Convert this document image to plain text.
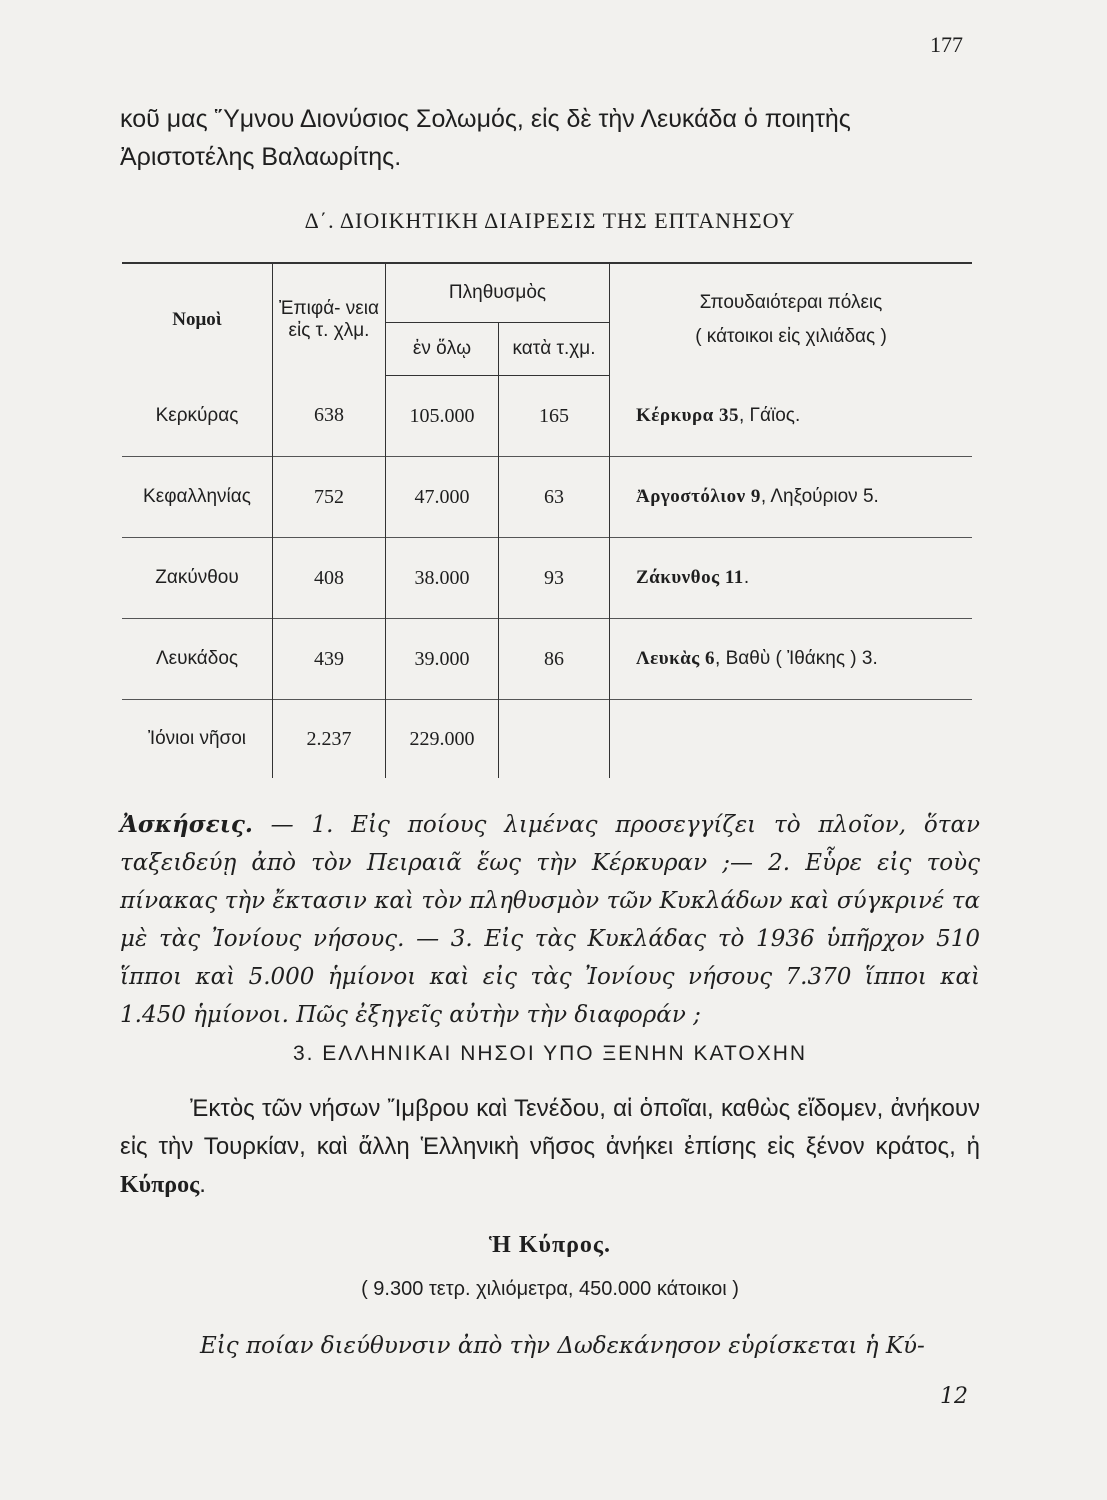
177
κοῦ μας Ὕμνου Διονύσιος Σολωμός, εἰς δὲ τὴν Λευκάδα ὁ ποιητὴς
Ἀριστοτέλης Βαλαωρίτης.
Δ΄. ΔΙΟΙΚΗΤΙΚΗ ΔΙΑΙΡΕΣΙΣ ΤΗΣ ΕΠΤΑΝΗΣΟΥ
Νομοὶ	Ἐπιφά- νεια εἰς τ. χλμ.	Πληθυσμὸς		Σπουδαιότεραι πόλεις
( κάτοικοι εἰς χιλιάδας )

		ἐν ὅλῳ	κατὰ τ.χμ.	
Κερκύρας	638	105.000	165	Κέρκυρα 35, Γάϊος.
Κεφαλληνίας	752	47.000	63	Ἀργοστόλιον 9, Ληξούριον 5.
Ζακύνθου	408	38.000	93	Ζάκυνθος 11.
Λευκάδος	439	39.000	86	Λευκὰς 6, Βαθὺ ( Ἰθάκης ) 3.
Ἰόνιοι νῆσοι	2.237	229.000		
Ἀσκήσεις. — 1. Εἰς ποίους λιμένας προσεγγίζει τὸ πλοῖον, ὅταν ταξειδεύῃ ἀπὸ τὸν Πειραιᾶ ἕως τὴν Κέρκυραν ;— 2. Εὗρε εἰς τοὺς πίνακας τὴν ἔκτασιν καὶ τὸν πληθυσμὸν τῶν Κυκλάδων καὶ σύγκρινέ τα μὲ τὰς Ἰονίους νήσους. — 3. Εἰς τὰς Κυκλάδας τὸ 1936 ὑπῆρχον 510 ἵπποι καὶ 5.000 ἡμίονοι καὶ εἰς τὰς Ἰονίους νήσους 7.370 ἵπποι καὶ 1.450 ἡμίονοι. Πῶς ἐξηγεῖς αὐτὴν τὴν διαφοράν ;
3. ΕΛΛΗΝΙΚΑΙ ΝΗΣΟΙ ΥΠΟ ΞΕΝΗΝ ΚΑΤΟΧΗΝ
Ἐκτὸς τῶν νήσων Ἴμβρου καὶ Τενέδου, αἱ ὁποῖαι, καθὼς εἴδομεν, ἀνήκουν εἰς τὴν Τουρκίαν, καὶ ἄλλη Ἑλληνικὴ νῆσος ἀνήκει ἐπίσης εἰς ξένον κράτος, ἡ Κύπρος.
Ἡ Κύπρος.
( 9.300 τετρ. χιλιόμετρα, 450.000 κάτοικοι )
Εἰς ποίαν διεύθυνσιν ἀπὸ τὴν Δωδεκάνησον εὑρίσκεται ἡ Κύ-
12
